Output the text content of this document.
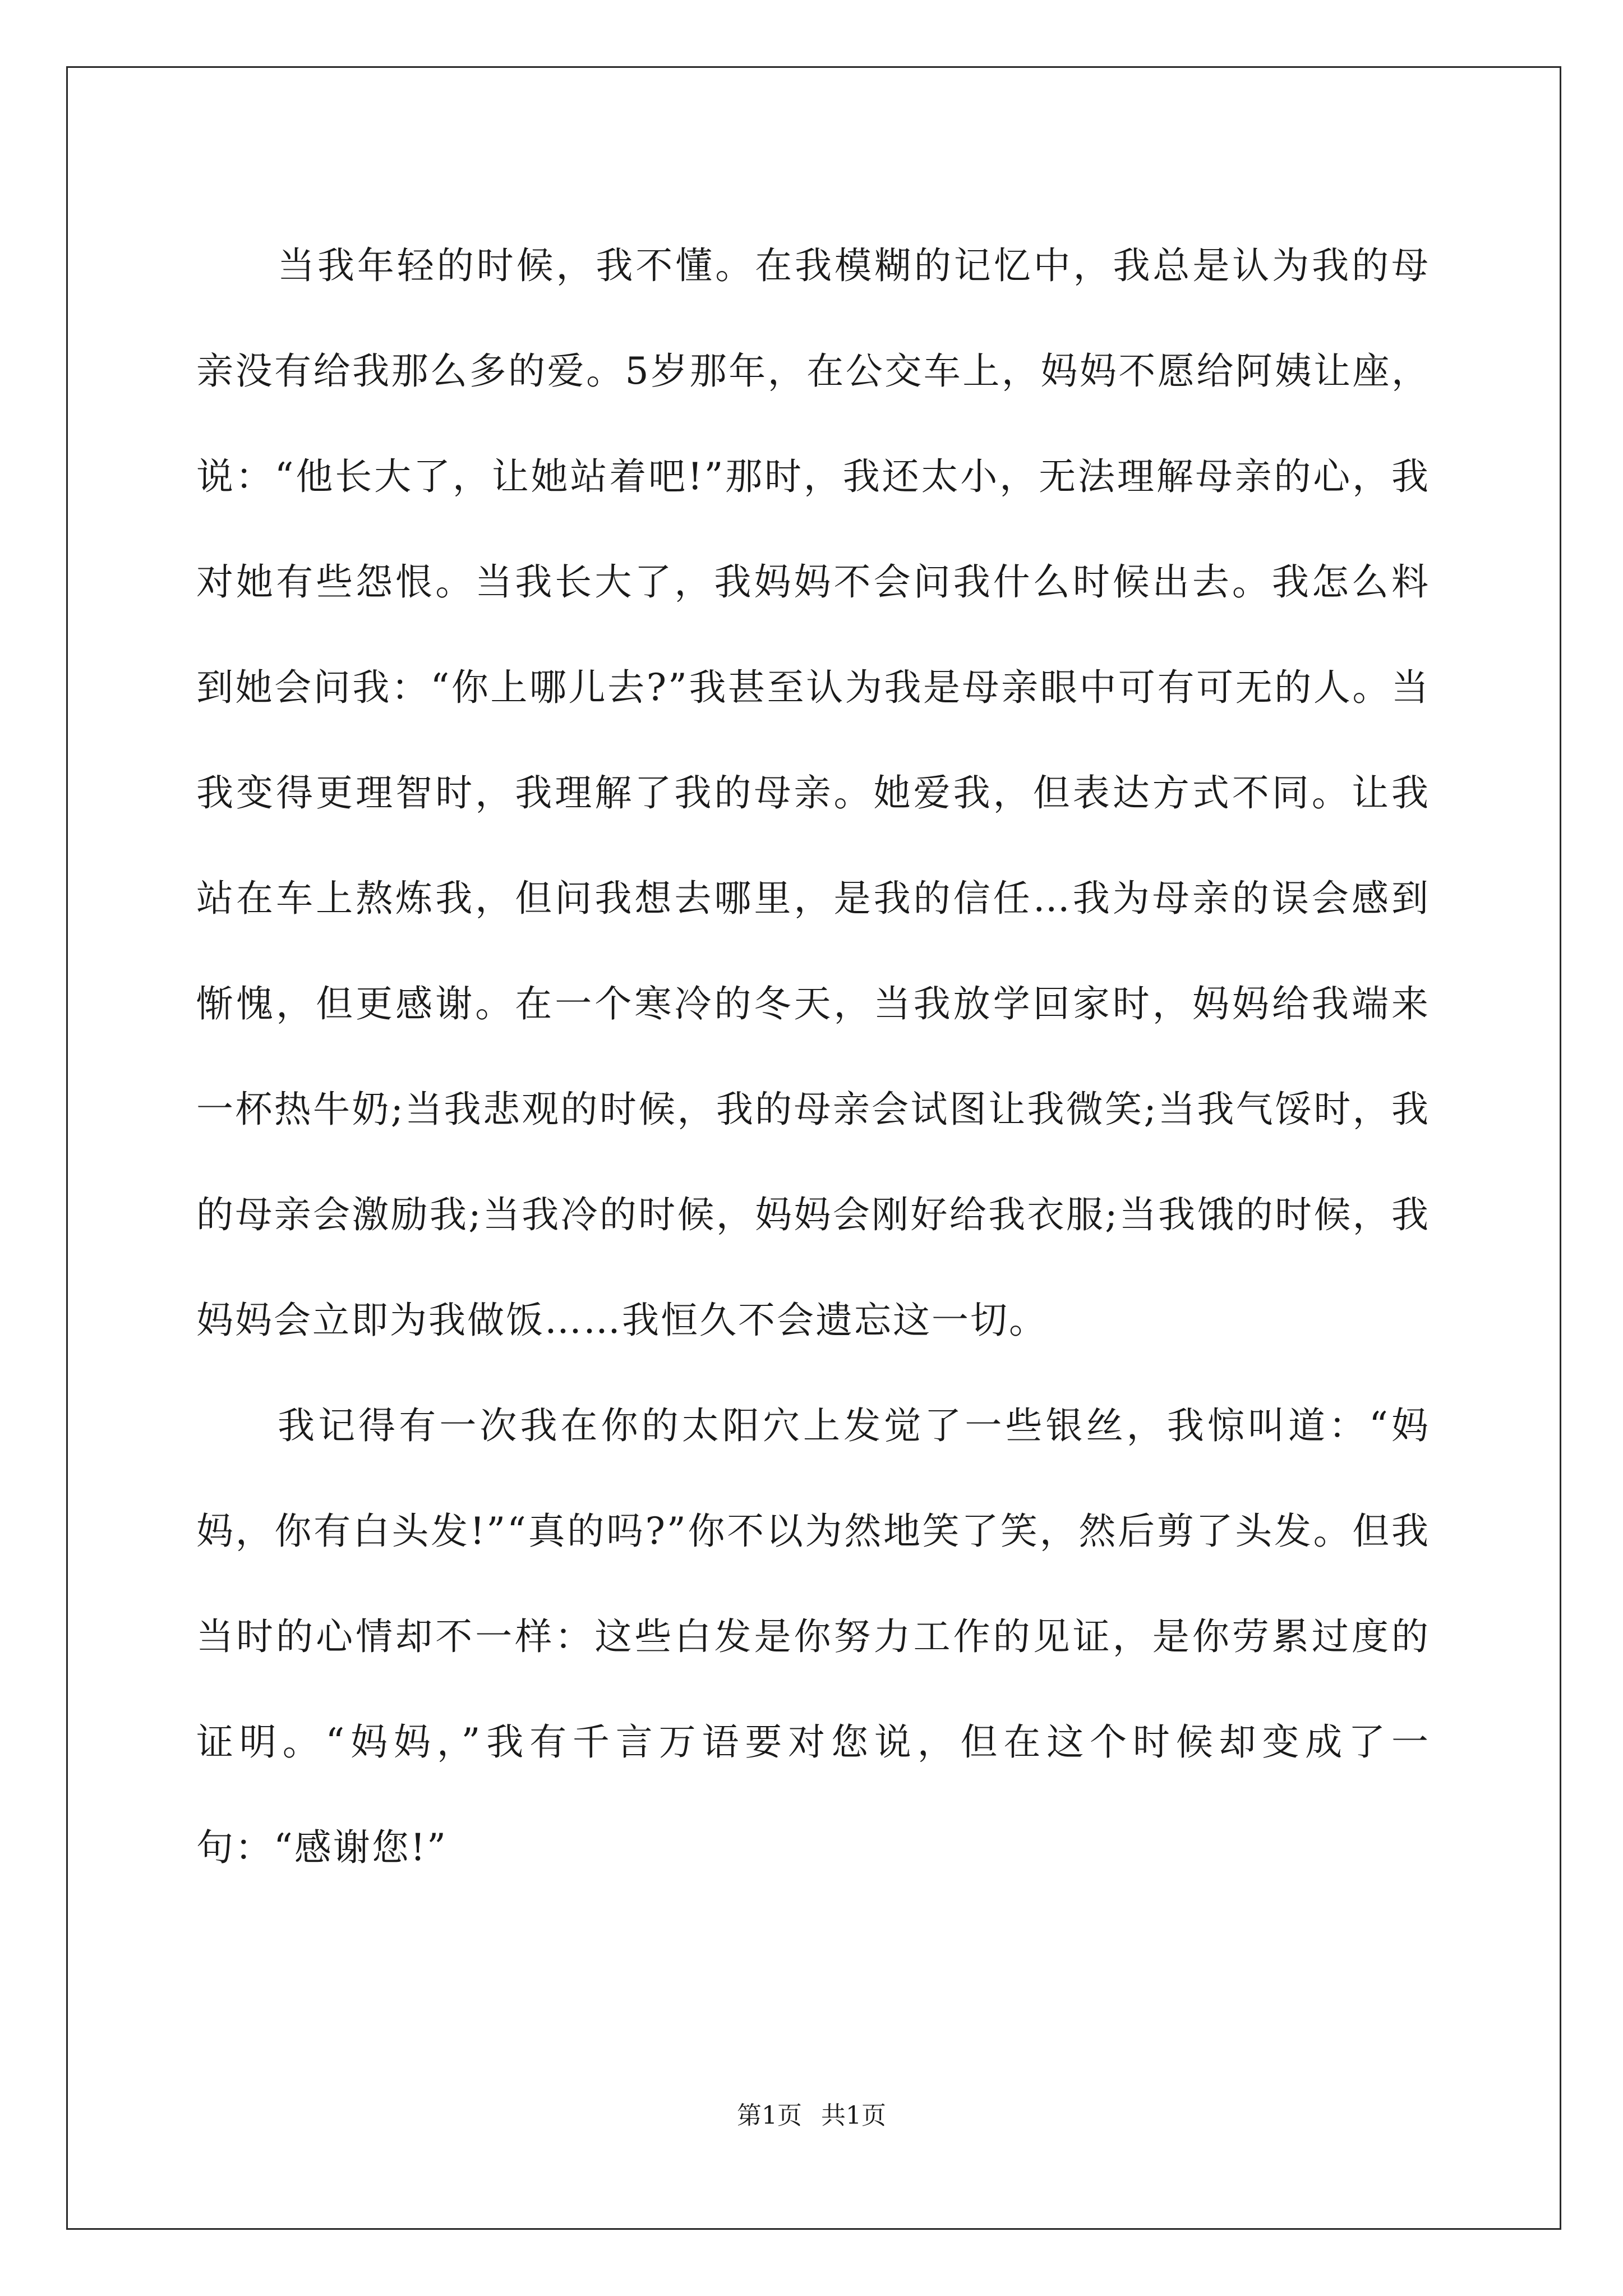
当我年轻的时候，我不懂。在我模糊的记忆中，我总是认为我的母亲没有给我那么多的爱。5岁那年，在公交车上，妈妈不愿给阿姨让座，说：“他长大了，让她站着吧!”那时，我还太小，无法理解母亲的心，我对她有些怨恨。当我长大了，我妈妈不会问我什么时候出去。我怎么料到她会问我：“你上哪儿去?”我甚至认为我是母亲眼中可有可无的人。当我变得更理智时，我理解了我的母亲。她爱我，但表达方式不同。让我站在车上熬炼我，但问我想去哪里，是我的信任…我为母亲的误会感到惭愧，但更感谢。在一个寒冷的冬天，当我放学回家时，妈妈给我端来一杯热牛奶;当我悲观的时候，我的母亲会试图让我微笑;当我气馁时，我的母亲会激励我;当我冷的时候，妈妈会刚好给我衣服;当我饿的时候，我妈妈会立即为我做饭……我恒久不会遗忘这一切。

我记得有一次我在你的太阳穴上发觉了一些银丝，我惊叫道：“妈妈，你有白头发!”“真的吗?”你不以为然地笑了笑，然后剪了头发。但我当时的心情却不一样：这些白发是你努力工作的见证，是你劳累过度的证明。“妈妈，”我有千言万语要对您说，但在这个时候却变成了一句：“感谢您!”

第1页 共1页
